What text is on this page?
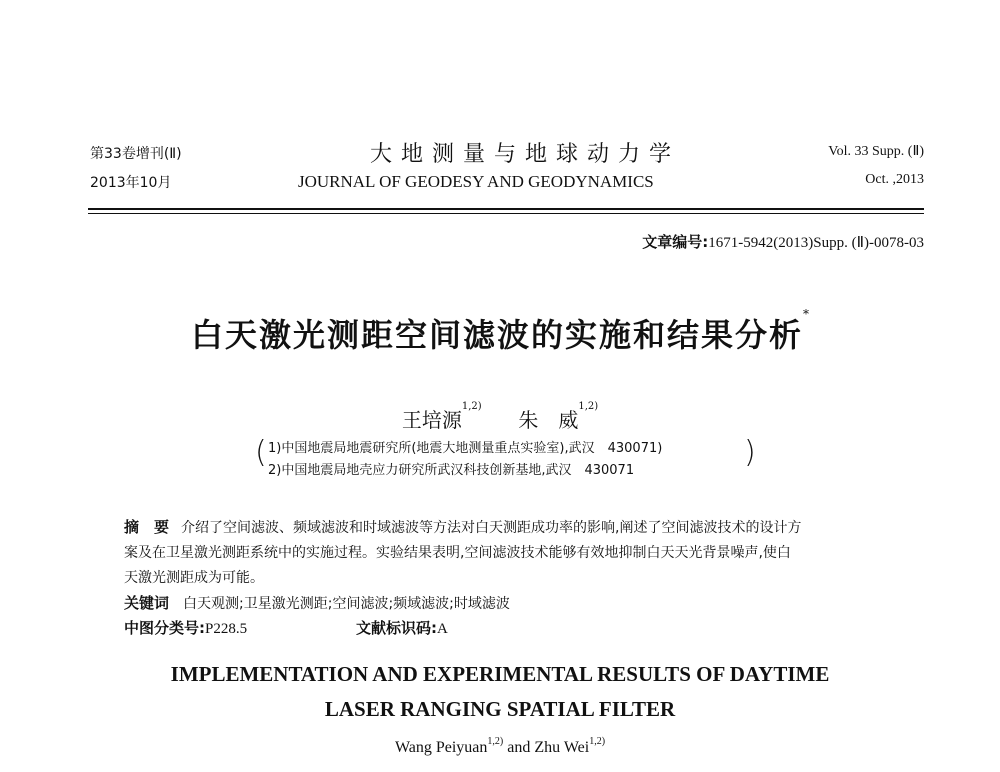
第33卷增刊(Ⅱ)
2013年10月
大地测量与地球动力学
JOURNAL OF GEODESY AND GEODYNAMICS
Vol. 33 Supp. (Ⅱ)
Oct. ,2013
文章编号:1671-5942(2013)Supp. (Ⅱ)-0078-03
白天激光测距空间滤波的实施和结果分析*
王培源$^{1,2)}$  朱　威$^{1,2)}$
( 1)中国地震局地震研究所(地震大地测量重点实验室),武汉　430071)
2)中国地震局地壳应力研究所武汉科技创新基地,武汉　430071
)
摘　要 介绍了空间滤波、频域滤波和时域滤波等方法对白天测距成功率的影响,阐述了空间滤波技术的设计方
案及在卫星激光测距系统中的实施过程。实验结果表明,空间滤波技术能够有效地抑制白天天光背景噪声,使白
天激光测距成为可能。
关键词 白天观测;卫星激光测距;空间滤波;频域滤波;时域滤波
中图分类号:P228.5	文献标识码:A
IMPLEMENTATION AND EXPERIMENTAL RESULTS OF DAYTIME
LASER RANGING SPATIAL FILTER
Wang Peiyuan$^{1,2)}$ and Zhu Wei$^{1,2)}$
